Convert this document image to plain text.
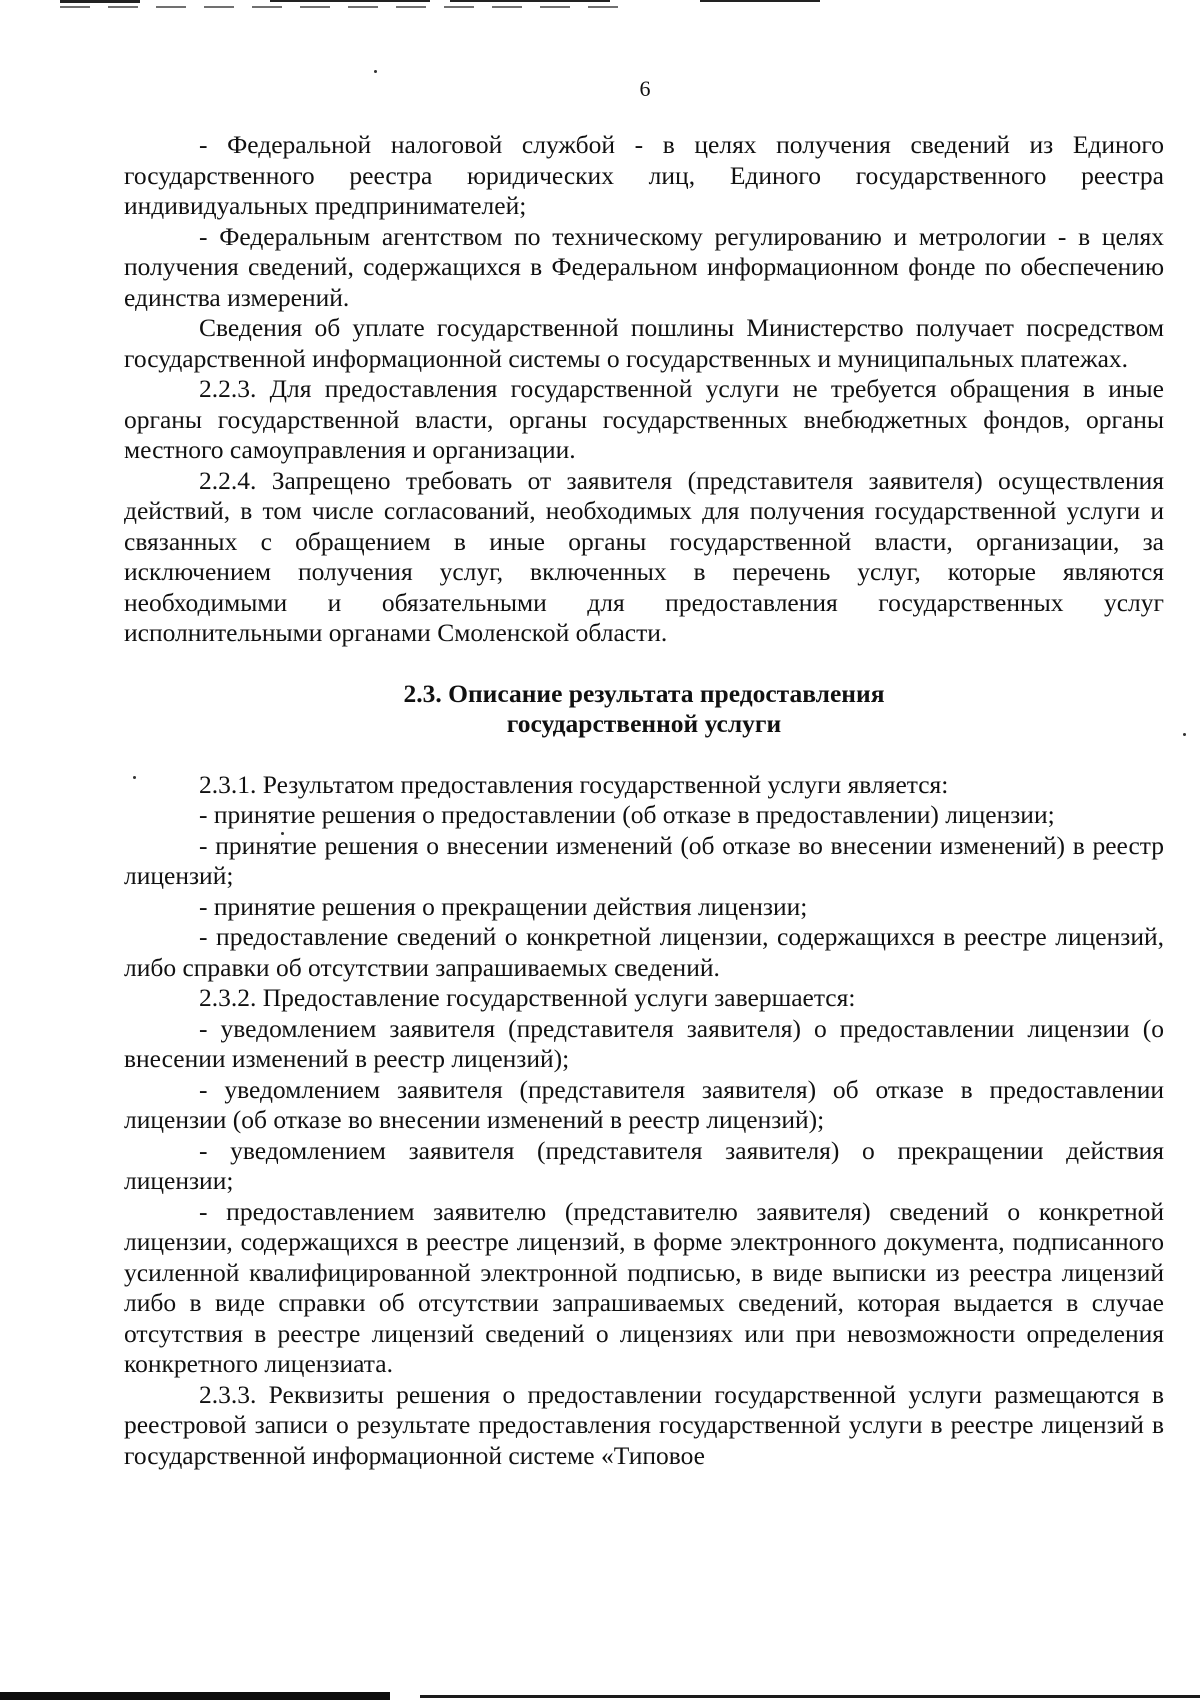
6

- Федеральной налоговой службой - в целях получения сведений из Единого государственного реестра юридических лиц, Единого государственного реестра индивидуальных предпринимателей;

- Федеральным агентством по техническому регулированию и метрологии - в целях получения сведений, содержащихся в Федеральном информационном фонде по обеспечению единства измерений.

Сведения об уплате государственной пошлины Министерство получает посредством государственной информационной системы о государственных и муниципальных платежах.

2.2.3. Для предоставления государственной услуги не требуется обращения в иные органы государственной власти, органы государственных внебюджетных фондов, органы местного самоуправления и организации.

2.2.4. Запрещено требовать от заявителя (представителя заявителя) осуществления действий, в том числе согласований, необходимых для получения государственной услуги и связанных с обращением в иные органы государственной власти, организации, за исключением получения услуг, включенных в перечень услуг, которые являются необходимыми и обязательными для предоставления государственных услуг исполнительными органами Смоленской области.

2.3. Описание результата предоставления
государственной услуги

2.3.1. Результатом предоставления государственной услуги является:

- принятие решения о предоставлении (об отказе в предоставлении) лицензии;

- принятие решения о внесении изменений (об отказе во внесении изменений) в реестр лицензий;

- принятие решения о прекращении действия лицензии;

- предоставление сведений о конкретной лицензии, содержащихся в реестре лицензий, либо справки об отсутствии запрашиваемых сведений.

2.3.2. Предоставление государственной услуги завершается:

- уведомлением заявителя (представителя заявителя) о предоставлении лицензии (о внесении изменений в реестр лицензий);

- уведомлением заявителя (представителя заявителя) об отказе в предоставлении лицензии (об отказе во внесении изменений в реестр лицензий);

- уведомлением заявителя (представителя заявителя) о прекращении действия лицензии;

- предоставлением заявителю (представителю заявителя) сведений о конкретной лицензии, содержащихся в реестре лицензий, в форме электронного документа, подписанного усиленной квалифицированной электронной подписью, в виде выписки из реестра лицензий либо в виде справки об отсутствии запрашиваемых сведений, которая выдается в случае отсутствия в реестре лицензий сведений о лицензиях или при невозможности определения конкретного лицензиата.

2.3.3. Реквизиты решения о предоставлении государственной услуги размещаются в реестровой записи о результате предоставления государственной услуги в реестре лицензий в государственной информационной системе «Типовое
